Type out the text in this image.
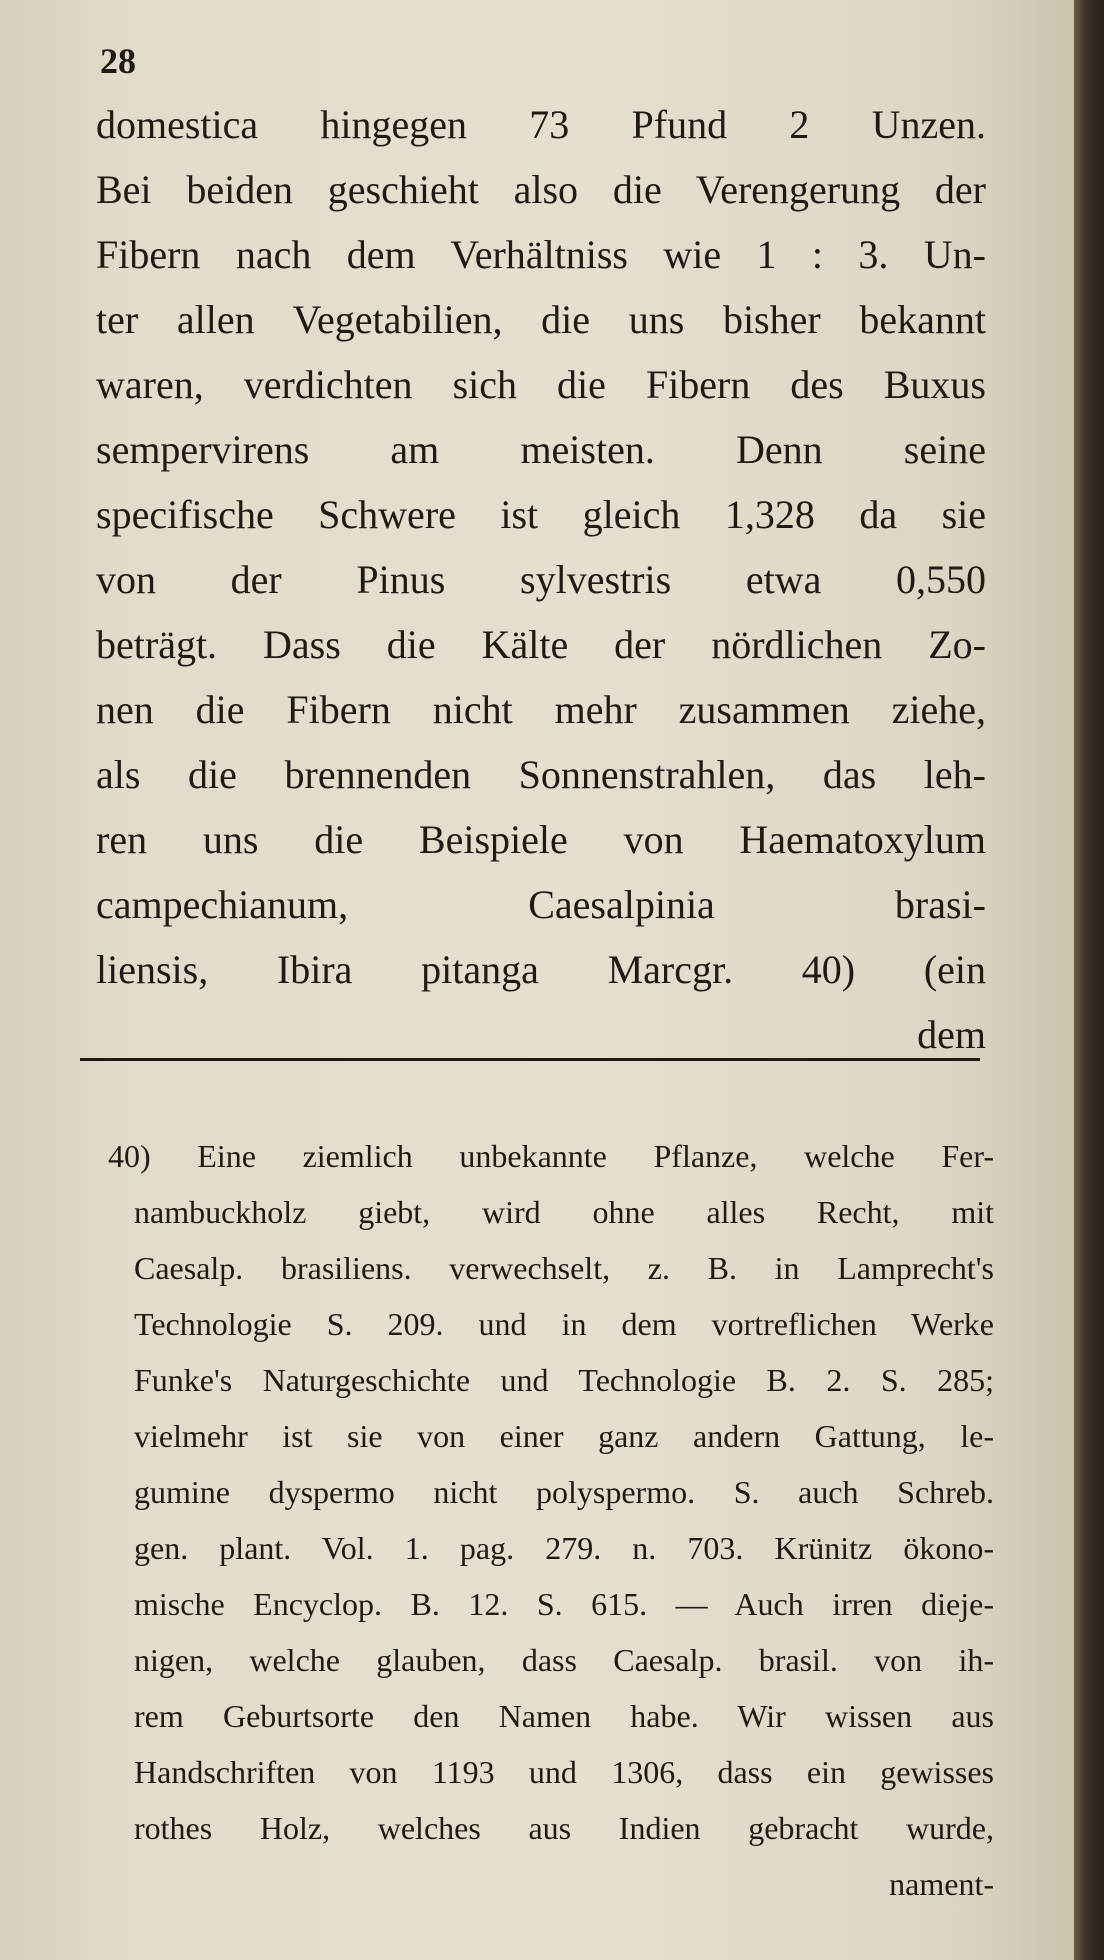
28
domestica hingegen 73 Pfund 2 Unzen.
Bei beiden geschieht also die Verengerung der
Fibern nach dem Verhältniss wie 1 : 3. Un-
ter allen Vegetabilien, die uns bisher bekannt
waren, verdichten sich die Fibern des Buxus
sempervirens am meisten. Denn seine
specifische Schwere ist gleich 1,328 da sie
von der Pinus sylvestris etwa 0,550
beträgt. Dass die Kälte der nördlichen Zo-
nen die Fibern nicht mehr zusammen ziehe,
als die brennenden Sonnenstrahlen, das leh-
ren uns die Beispiele von Haematoxylum
campechianum, Caesalpinia brasi-
liensis, Ibira pitanga Marcgr. 40) (ein
dem
40) Eine ziemlich unbekannte Pflanze, welche Fer-
nambuckholz giebt, wird ohne alles Recht, mit
Caesalp. brasiliens. verwechselt, z. B. in Lamprecht's
Technologie S. 209. und in dem vortreflichen Werke
Funke's Naturgeschichte und Technologie B. 2. S. 285;
vielmehr ist sie von einer ganz andern Gattung, le-
gumine dyspermo nicht polyspermo. S. auch Schreb.
gen. plant. Vol. 1. pag. 279. n. 703. Krünitz ökono-
mische Encyclop. B. 12. S. 615. — Auch irren dieje-
nigen, welche glauben, dass Caesalp. brasil. von ih-
rem Geburtsorte den Namen habe. Wir wissen aus
Handschriften von 1193 und 1306, dass ein gewisses
rothes Holz, welches aus Indien gebracht wurde,
nament-
